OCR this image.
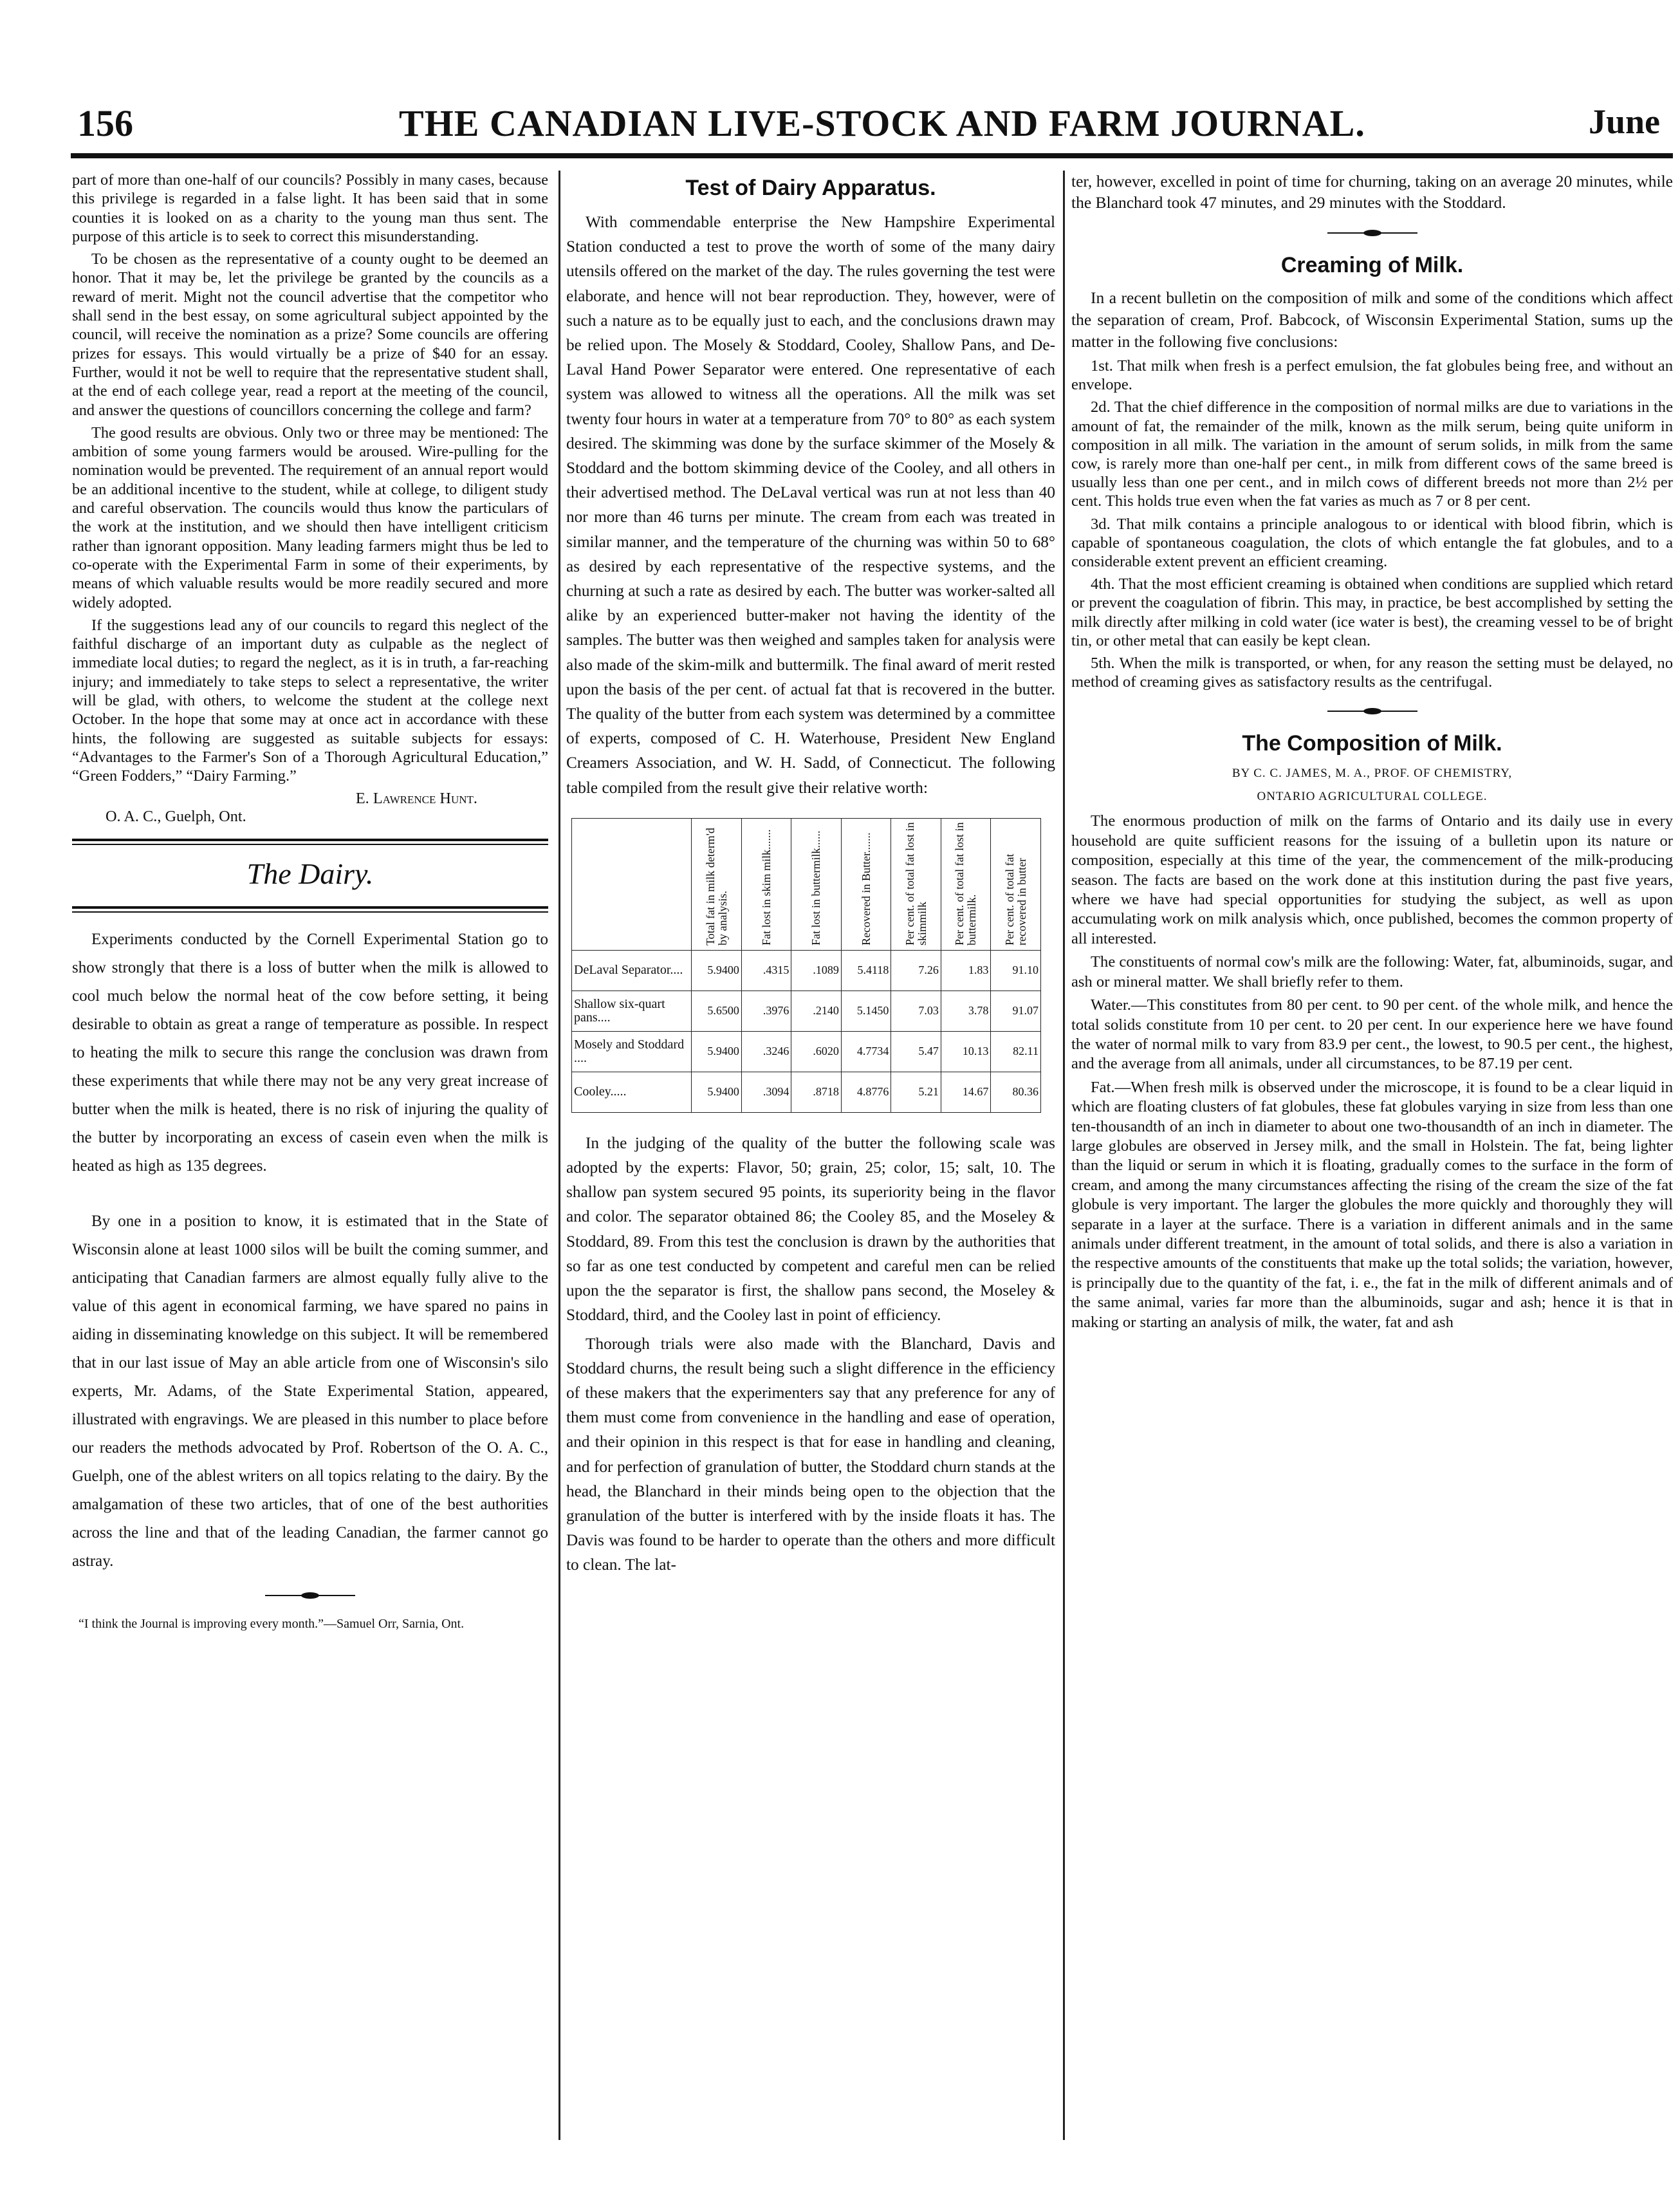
156	THE CANADIAN LIVE-STOCK AND FARM JOURNAL.	June

part of more than one-half of our councils? Possibly in many cases, because this privilege is regarded in a false light. It has been said that in some counties it is looked on as a charity to the young man thus sent. The purpose of this article is to seek to correct this misunderstanding.

To be chosen as the representative of a county ought to be deemed an honor. That it may be, let the privilege be granted by the councils as a reward of merit. Might not the council advertise that the competitor who shall send in the best essay, on some agricultural subject appointed by the council, will receive the nomination as a prize? Some councils are offering prizes for essays. This would virtually be a prize of $40 for an essay. Further, would it not be well to require that the representative student shall, at the end of each college year, read a report at the meeting of the council, and answer the questions of councillors concerning the college and farm?

The good results are obvious. Only two or three may be mentioned: The ambition of some young farmers would be aroused. Wire-pulling for the nomination would be prevented. The requirement of an annual report would be an additional incentive to the student, while at college, to diligent study and careful observation. The councils would thus know the particulars of the work at the institution, and we should then have intelligent criticism rather than ignorant opposition. Many leading farmers might thus be led to co-operate with the Experimental Farm in some of their experiments, by means of which valuable results would be more readily secured and more widely adopted.

If the suggestions lead any of our councils to regard this neglect of the faithful discharge of an important duty as culpable as the neglect of immediate local duties; to regard the neglect, as it is in truth, a far-reaching injury; and immediately to take steps to select a representative, the writer will be glad, with others, to welcome the student at the college next October. In the hope that some may at once act in accordance with these hints, the following are suggested as suitable subjects for essays: “Advantages to the Farmer's Son of a Thorough Agricultural Education,” “Green Fodders,” “Dairy Farming.”

E. Lawrence Hunt.

O. A. C., Guelph, Ont.

The Dairy.

Experiments conducted by the Cornell Experimental Station go to show strongly that there is a loss of butter when the milk is allowed to cool much below the normal heat of the cow before setting, it being desirable to obtain as great a range of temperature as possible. In respect to heating the milk to secure this range the conclusion was drawn from these experiments that while there may not be any very great increase of butter when the milk is heated, there is no risk of injuring the quality of the butter by incorporating an excess of casein even when the milk is heated as high as 135 degrees.

By one in a position to know, it is estimated that in the State of Wisconsin alone at least 1000 silos will be built the coming summer, and anticipating that Canadian farmers are almost equally fully alive to the value of this agent in economical farming, we have spared no pains in aiding in disseminating knowledge on this subject. It will be remembered that in our last issue of May an able article from one of Wisconsin's silo experts, Mr. Adams, of the State Experimental Station, appeared, illustrated with engravings. We are pleased in this number to place before our readers the methods advocated by Prof. Robertson of the O. A. C., Guelph, one of the ablest writers on all topics relating to the dairy. By the amalgamation of these two articles, that of one of the best authorities across the line and that of the leading Canadian, the farmer cannot go astray.

“I think the Journal is improving every month.”—Samuel Orr, Sarnia, Ont.

Test of Dairy Apparatus.

With commendable enterprise the New Hampshire Experimental Station conducted a test to prove the worth of some of the many dairy utensils offered on the market of the day. The rules governing the test were elaborate, and hence will not bear reproduction. They, however, were of such a nature as to be equally just to each, and the conclusions drawn may be relied upon. The Mosely & Stoddard, Cooley, Shallow Pans, and De-Laval Hand Power Separator were entered. One representative of each system was allowed to witness all the operations. All the milk was set twenty four hours in water at a temperature from 70° to 80° as each system desired. The skimming was done by the surface skimmer of the Mosely & Stoddard and the bottom skimming device of the Cooley, and all others in their advertised method. The DeLaval vertical was run at not less than 40 nor more than 46 turns per minute. The cream from each was treated in similar manner, and the temperature of the churning was within 50 to 68° as desired by each representative of the respective systems, and the churning at such a rate as desired by each. The butter was worker-salted all alike by an experienced butter-maker not having the identity of the samples. The butter was then weighed and samples taken for analysis were also made of the skim-milk and buttermilk. The final award of merit rested upon the basis of the per cent. of actual fat that is recovered in the butter. The quality of the butter from each system was determined by a committee of experts, composed of C. H. Waterhouse, President New England Creamers Association, and W. H. Sadd, of Connecticut. The following table compiled from the result give their relative worth:

	Total fat in milk determ'd by analysis.	Fat lost in skim milk.......	Fat lost in buttermilk......	Recovered in Butter.......	Per cent. of total fat lost in skimmilk	Per cent. of total fat lost in buttermilk.	Per cent. of total fat recovered in butter
DeLaval Separator....	5.9400	.4315	.1089	5.4118	7.26	1.83	91.10
Shallow six-quart pans....	5.6500	.3976	.2140	5.1450	7.03	3.78	91.07
Mosely and Stoddard ....	5.9400	.3246	.6020	4.7734	5.47	10.13	82.11
Cooley.....	5.9400	.3094	.8718	4.8776	5.21	14.67	80.36

In the judging of the quality of the butter the following scale was adopted by the experts: Flavor, 50; grain, 25; color, 15; salt, 10. The shallow pan system secured 95 points, its superiority being in the flavor and color. The separator obtained 86; the Cooley 85, and the Moseley & Stoddard, 89. From this test the conclusion is drawn by the authorities that so far as one test conducted by competent and careful men can be relied upon the the separator is first, the shallow pans second, the Moseley & Stoddard, third, and the Cooley last in point of efficiency.

Thorough trials were also made with the Blanchard, Davis and Stoddard churns, the result being such a slight difference in the efficiency of these makers that the experimenters say that any preference for any of them must come from convenience in the handling and ease of operation, and their opinion in this respect is that for ease in handling and cleaning, and for perfection of granulation of butter, the Stoddard churn stands at the head, the Blanchard in their minds being open to the objection that the granulation of the butter is interfered with by the inside floats it has. The Davis was found to be harder to operate than the others and more difficult to clean. The lat-

ter, however, excelled in point of time for churning, taking on an average 20 minutes, while the Blanchard took 47 minutes, and 29 minutes with the Stoddard.

Creaming of Milk.

In a recent bulletin on the composition of milk and some of the conditions which affect the separation of cream, Prof. Babcock, of Wisconsin Experimental Station, sums up the matter in the following five conclusions:

1st. That milk when fresh is a perfect emulsion, the fat globules being free, and without an envelope.

2d. That the chief difference in the composition of normal milks are due to variations in the amount of fat, the remainder of the milk, known as the milk serum, being quite uniform in composition in all milk. The variation in the amount of serum solids, in milk from the same cow, is rarely more than one-half per cent., in milk from different cows of the same breed is usually less than one per cent., and in milch cows of different breeds not more than 2½ per cent. This holds true even when the fat varies as much as 7 or 8 per cent.

3d. That milk contains a principle analogous to or identical with blood fibrin, which is capable of spontaneous coagulation, the clots of which entangle the fat globules, and to a considerable extent prevent an efficient creaming.

4th. That the most efficient creaming is obtained when conditions are supplied which retard or prevent the coagulation of fibrin. This may, in practice, be best accomplished by setting the milk directly after milking in cold water (ice water is best), the creaming vessel to be of bright tin, or other metal that can easily be kept clean.

5th. When the milk is transported, or when, for any reason the setting must be delayed, no method of creaming gives as satisfactory results as the centrifugal.

The Composition of Milk.
BY C. C. JAMES, M. A., PROF. OF CHEMISTRY,
ONTARIO AGRICULTURAL COLLEGE.

The enormous production of milk on the farms of Ontario and its daily use in every household are quite sufficient reasons for the issuing of a bulletin upon its nature or composition, especially at this time of the year, the commencement of the milk-producing season. The facts are based on the work done at this institution during the past five years, where we have had special opportunities for studying the subject, as well as upon accumulating work on milk analysis which, once published, becomes the common property of all interested.

The constituents of normal cow's milk are the following: Water, fat, albuminoids, sugar, and ash or mineral matter. We shall briefly refer to them.

Water.—This constitutes from 80 per cent. to 90 per cent. of the whole milk, and hence the total solids constitute from 10 per cent. to 20 per cent. In our experience here we have found the water of normal milk to vary from 83.9 per cent., the lowest, to 90.5 per cent., the highest, and the average from all animals, under all circumstances, to be 87.19 per cent.

Fat.—When fresh milk is observed under the microscope, it is found to be a clear liquid in which are floating clusters of fat globules, these fat globules varying in size from less than one ten-thousandth of an inch in diameter to about one two-thousandth of an inch in diameter. The large globules are observed in Jersey milk, and the small in Holstein. The fat, being lighter than the liquid or serum in which it is floating, gradually comes to the surface in the form of cream, and among the many circumstances affecting the rising of the cream the size of the fat globule is very important. The larger the globules the more quickly and thoroughly they will separate in a layer at the surface. There is a variation in different animals and in the same animals under different treatment, in the amount of total solids, and there is also a variation in the respective amounts of the constituents that make up the total solids; the variation, however, is principally due to the quantity of the fat, i. e., the fat in the milk of different animals and of the same animal, varies far more than the albuminoids, sugar and ash; hence it is that in making or starting an analysis of milk, the water, fat and ash
